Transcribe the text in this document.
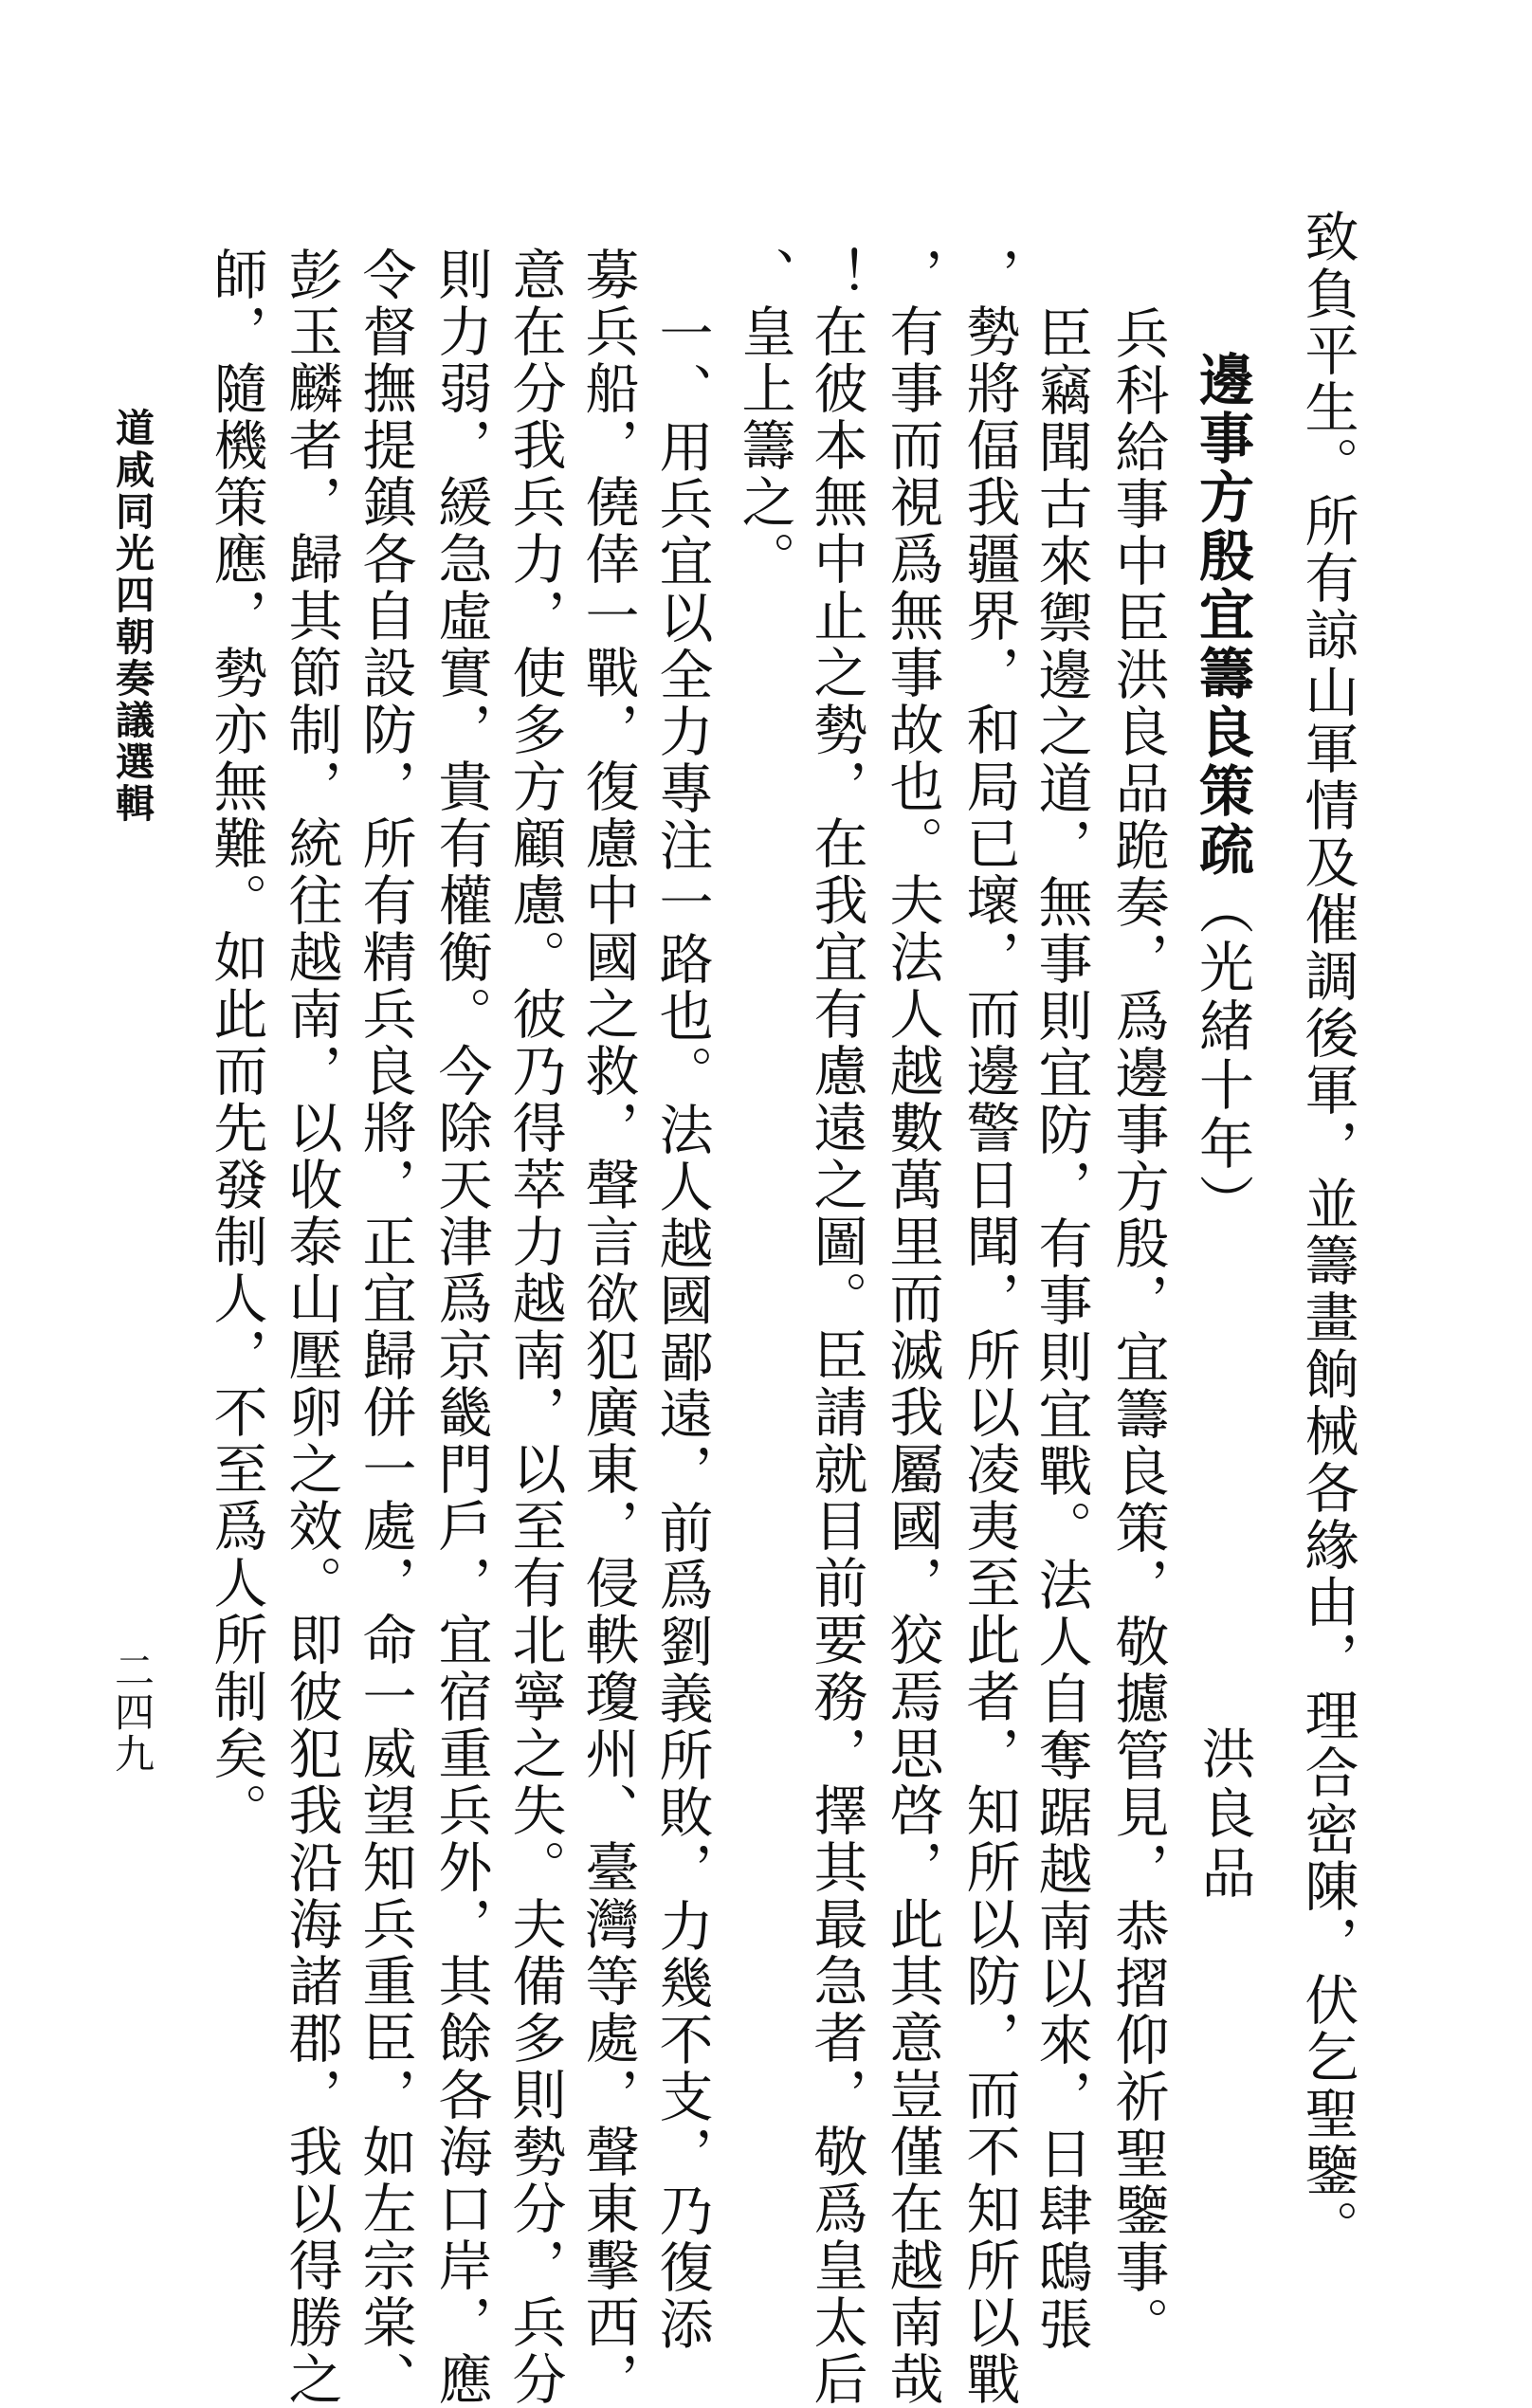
致負平生。所有諒山軍情及催調後軍，並籌畫餉械各緣由，理合密陳，伏乞聖鑒。
邊事方殷宜籌良策疏（光緒十年）
洪良品
兵科給事中臣洪良品跪奏，爲邊事方殷，宜籌良策，敬攄管見，恭摺仰祈聖鑒事。
臣竊聞古來禦邊之道，無事則宜防，有事則宜戰。法人自奪踞越南以來，日肆鴟張
，勢將偪我疆界，和局已壞，而邊警日聞，所以凌夷至此者，知所以防，而不知所以戰
，有事而視爲無事故也。夫法人越數萬里而滅我屬國，狡焉思啓，此其意豈僅在越南哉
！在彼本無中止之勢，在我宜有慮遠之圖。臣請就目前要務，擇其最急者，敬爲皇太后
、皇上籌之。
一、用兵宜以全力專注一路也。法人越國鄙遠，前爲劉義所敗，力幾不支，乃復添
募兵船，僥倖一戰，復慮中國之救，聲言欲犯廣東，侵軼瓊州、臺灣等處，聲東擊西，
意在分我兵力，使多方顧慮。彼乃得萃力越南，以至有北寧之失。夫備多則勢分，兵分
則力弱，緩急虛實，貴有權衡。今除天津爲京畿門戶，宜宿重兵外，其餘各海口岸，應
令督撫提鎮各自設防，所有精兵良將，正宜歸併一處，命一威望知兵重臣，如左宗棠、
彭玉麟者，歸其節制，統往越南，以收泰山壓卵之效。即彼犯我沿海諸郡，我以得勝之
師，隨機策應，勢亦無難。如此而先發制人，不至爲人所制矣。
道咸同光四朝奏議選輯
二四九
